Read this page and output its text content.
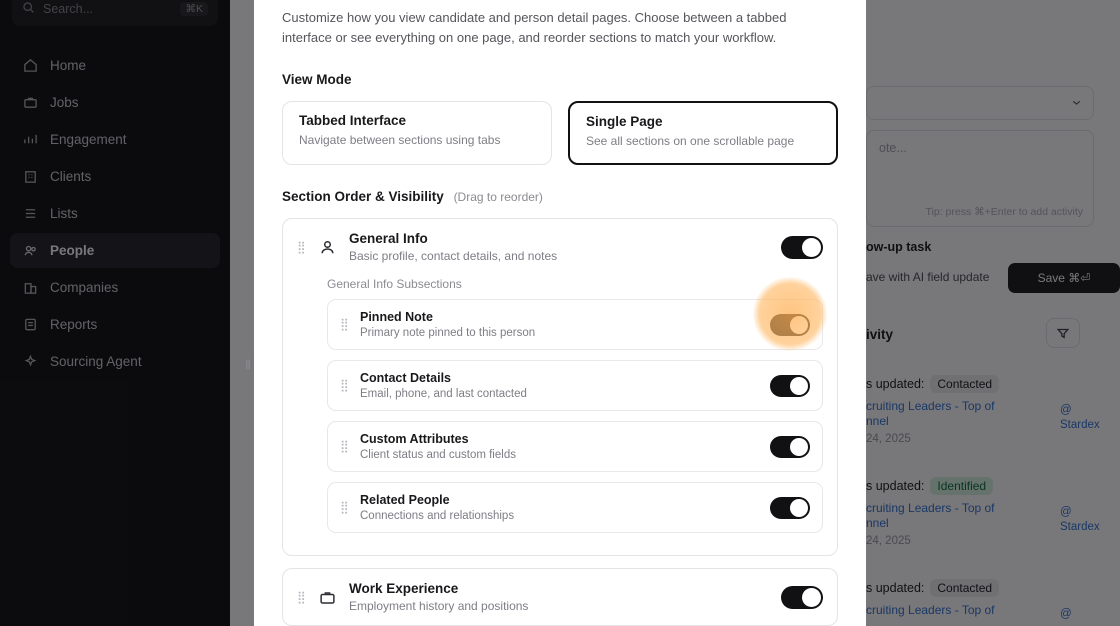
⦀
Customize how you view candidate and person detail pages. Choose between a tabbed interface or see everything on one page, and reorder sections to match your workflow.
View Mode
Tabbed Interface
Navigate between sections using tabs
Single Page
See all sections on one scrollable page
Section Order & Visibility (Drag to reorder)
⣿
General Info
Basic profile, contact details, and notes
General Info Subsections
⣿ Pinned Note
Primary note pinned to this person
⣿ Contact Details
Email, phone, and last contacted
⣿ Custom Attributes
Client status and custom fields
⣿ Related People
Connections and relationships
⣿
Work Experience
Employment history and positions
